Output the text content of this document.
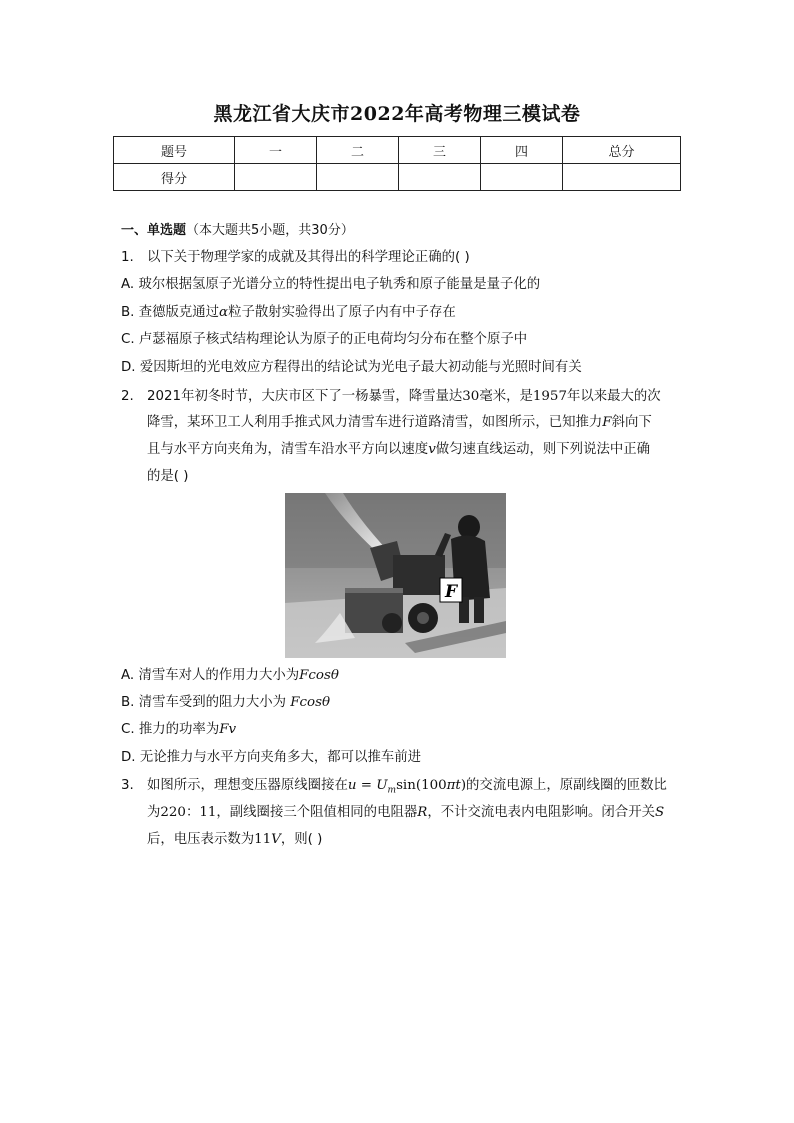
黑龙江省大庆市2022年高考物理三模试卷
题号	一	二	三	四	总分
得分					
一、单选题（本大题共5小题，共30分）
1. 以下关于物理学家的成就及其得出的科学理论正确的( )
A. 玻尔根据氢原子光谱分立的特性提出电子轨秀和原子能量是量子化的
B. 查德版克通过α粒子散射实验得出了原子内有中子存在
C. 卢瑟福原子核式结构理论认为原子的正电荷均匀分布在整个原子中
D. 爱因斯坦的光电效应方程得出的结论试为光电子最大初动能与光照时间有关
2. 2021年初冬时节，大庆市区下了一杨暴雪，降雪量达30毫米，是1957年以来最大的次
降雪，某环卫工人利用手推式风力清雪车进行道路清雪，如图所示，已知推力F斜向下
且与水平方向夹角为，清雪车沿水平方向以速度v做匀速直线运动，则下列说法中正确
的是( )
F
A. 清雪车对人的作用力大小为Fcosθ
B. 清雪车受到的阻力大小为 Fcosθ
C. 推力的功率为Fv
D. 无论推力与水平方向夹角多大，都可以推车前进
3. 如图所示，理想变压器原线圈接在$u = U_m\sin(100\pi t)$的交流电源上，原副线圈的匝数比
为220：11，副线圈接三个阻值相同的电阻器R，不计交流电表内电阻影响。闭合开关S
后，电压表示数为11V，则( )
